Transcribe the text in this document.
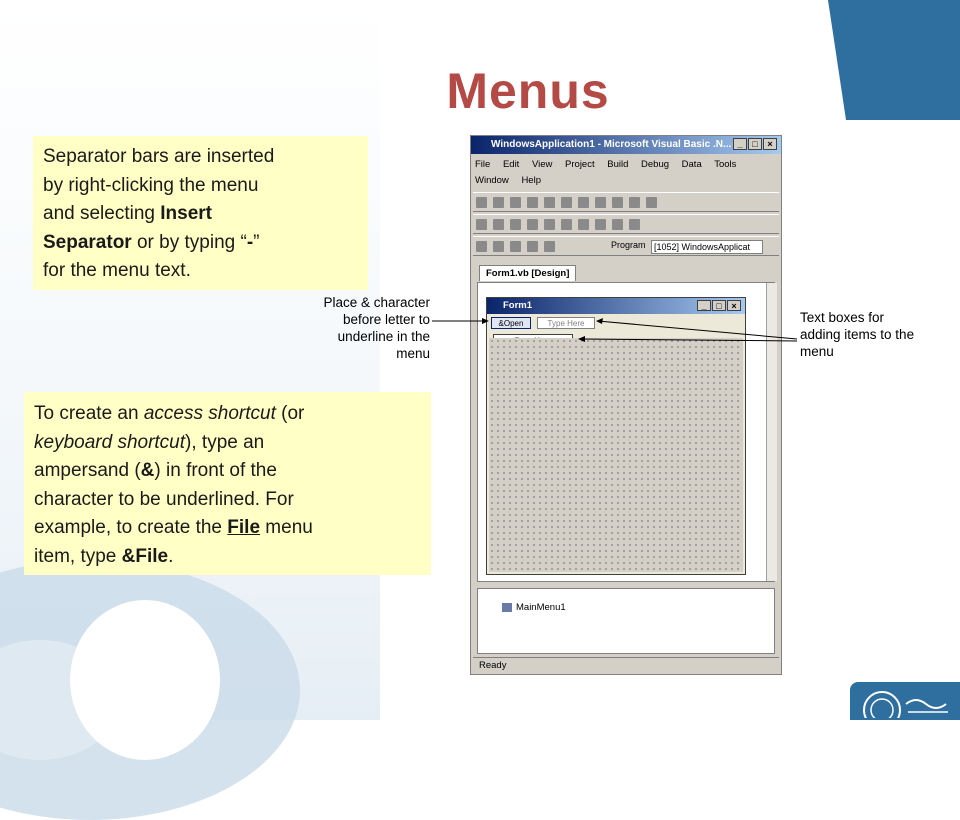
Menus
Separator bars are inserted
by right-clicking the menu
and selecting Insert
Separator or by typing “-”
for the menu text.
To create an access shortcut (or
keyboard shortcut), type an
ampersand (&) in front of the
character to be underlined. For
example, to create the File menu
item, type &File.
Place & character
before letter to
underline in the
menu
Text boxes for
adding items to the
menu
WindowsApplication1 - Microsoft Visual Basic .N... _	□	×
File Edit View Project Build Debug Data Tools
Window Help
Program [1052] WindowsApplicat
Form1.vb [Design]
Form1	_	□	×
&Open	Type Here
MainMenu1
Ready
